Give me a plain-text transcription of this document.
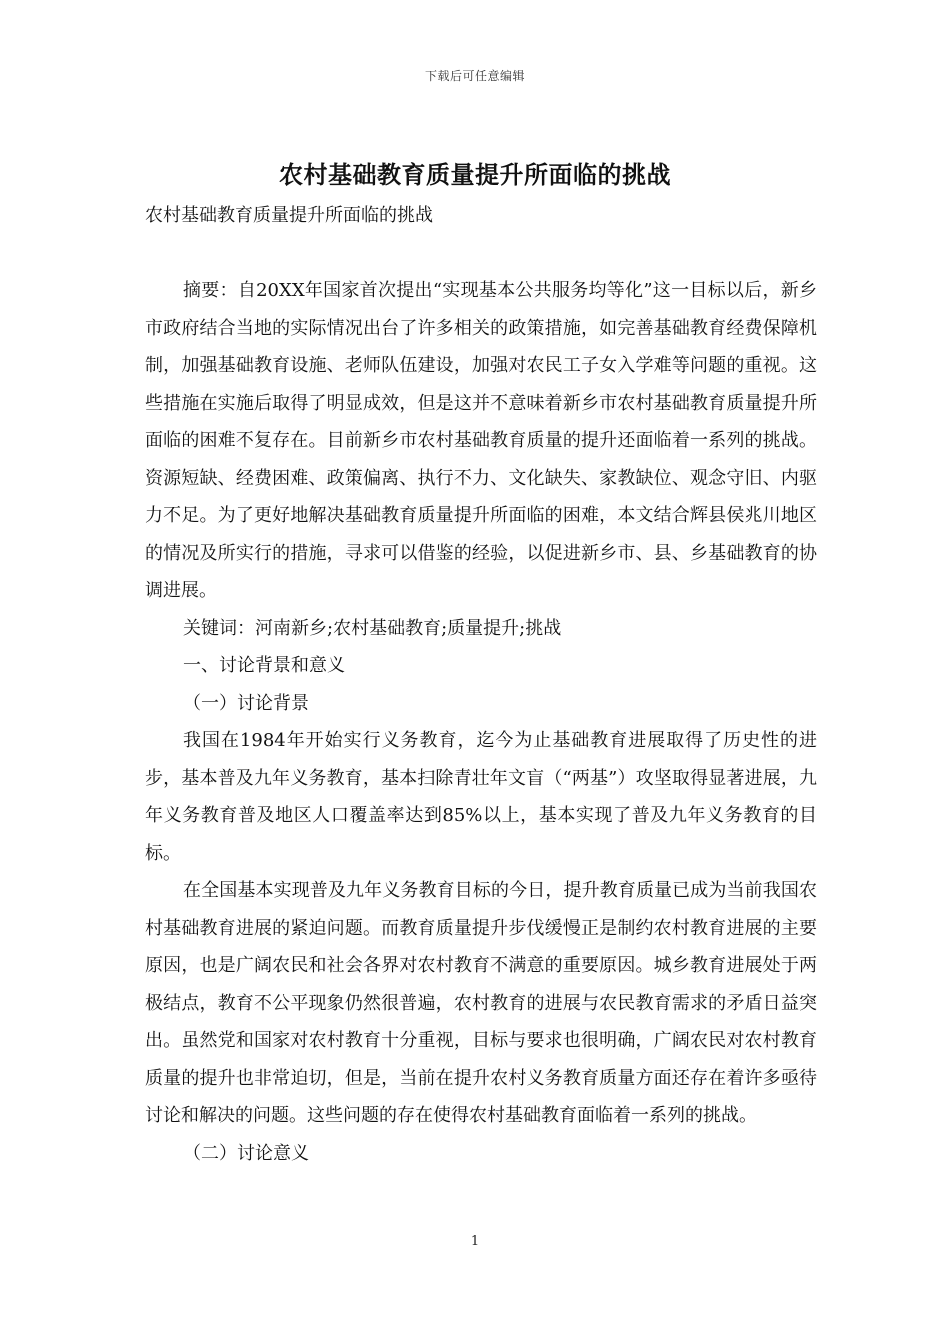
下载后可任意编辑
农村基础教育质量提升所面临的挑战

农村基础教育质量提升所面临的挑战

摘要：自20XX年国家首次提出“实现基本公共服务均等化”这一目标以后，新乡市政府结合当地的实际情况出台了许多相关的政策措施，如完善基础教育经费保障机制，加强基础教育设施、老师队伍建设，加强对农民工子女入学难等问题的重视。这些措施在实施后取得了明显成效，但是这并不意味着新乡市农村基础教育质量提升所面临的困难不复存在。目前新乡市农村基础教育质量的提升还面临着一系列的挑战。资源短缺、经费困难、政策偏离、执行不力、文化缺失、家教缺位、观念守旧、内驱力不足。为了更好地解决基础教育质量提升所面临的困难，本文结合辉县侯兆川地区的情况及所实行的措施，寻求可以借鉴的经验，以促进新乡市、县、乡基础教育的协调进展。

关键词：河南新乡;农村基础教育;质量提升;挑战

一、讨论背景和意义

（一）讨论背景

我国在1984年开始实行义务教育，迄今为止基础教育进展取得了历史性的进步，基本普及九年义务教育，基本扫除青壮年文盲（“两基”）攻坚取得显著进展，九年义务教育普及地区人口覆盖率达到85%以上，基本实现了普及九年义务教育的目标。

在全国基本实现普及九年义务教育目标的今日，提升教育质量已成为当前我国农村基础教育进展的紧迫问题。而教育质量提升步伐缓慢正是制约农村教育进展的主要原因，也是广阔农民和社会各界对农村教育不满意的重要原因。城乡教育进展处于两极结点，教育不公平现象仍然很普遍，农村教育的进展与农民教育需求的矛盾日益突出。虽然党和国家对农村教育十分重视，目标与要求也很明确，广阔农民对农村教育质量的提升也非常迫切，但是，当前在提升农村义务教育质量方面还存在着许多亟待讨论和解决的问题。这些问题的存在使得农村基础教育面临着一系列的挑战。

（二）讨论意义

1
